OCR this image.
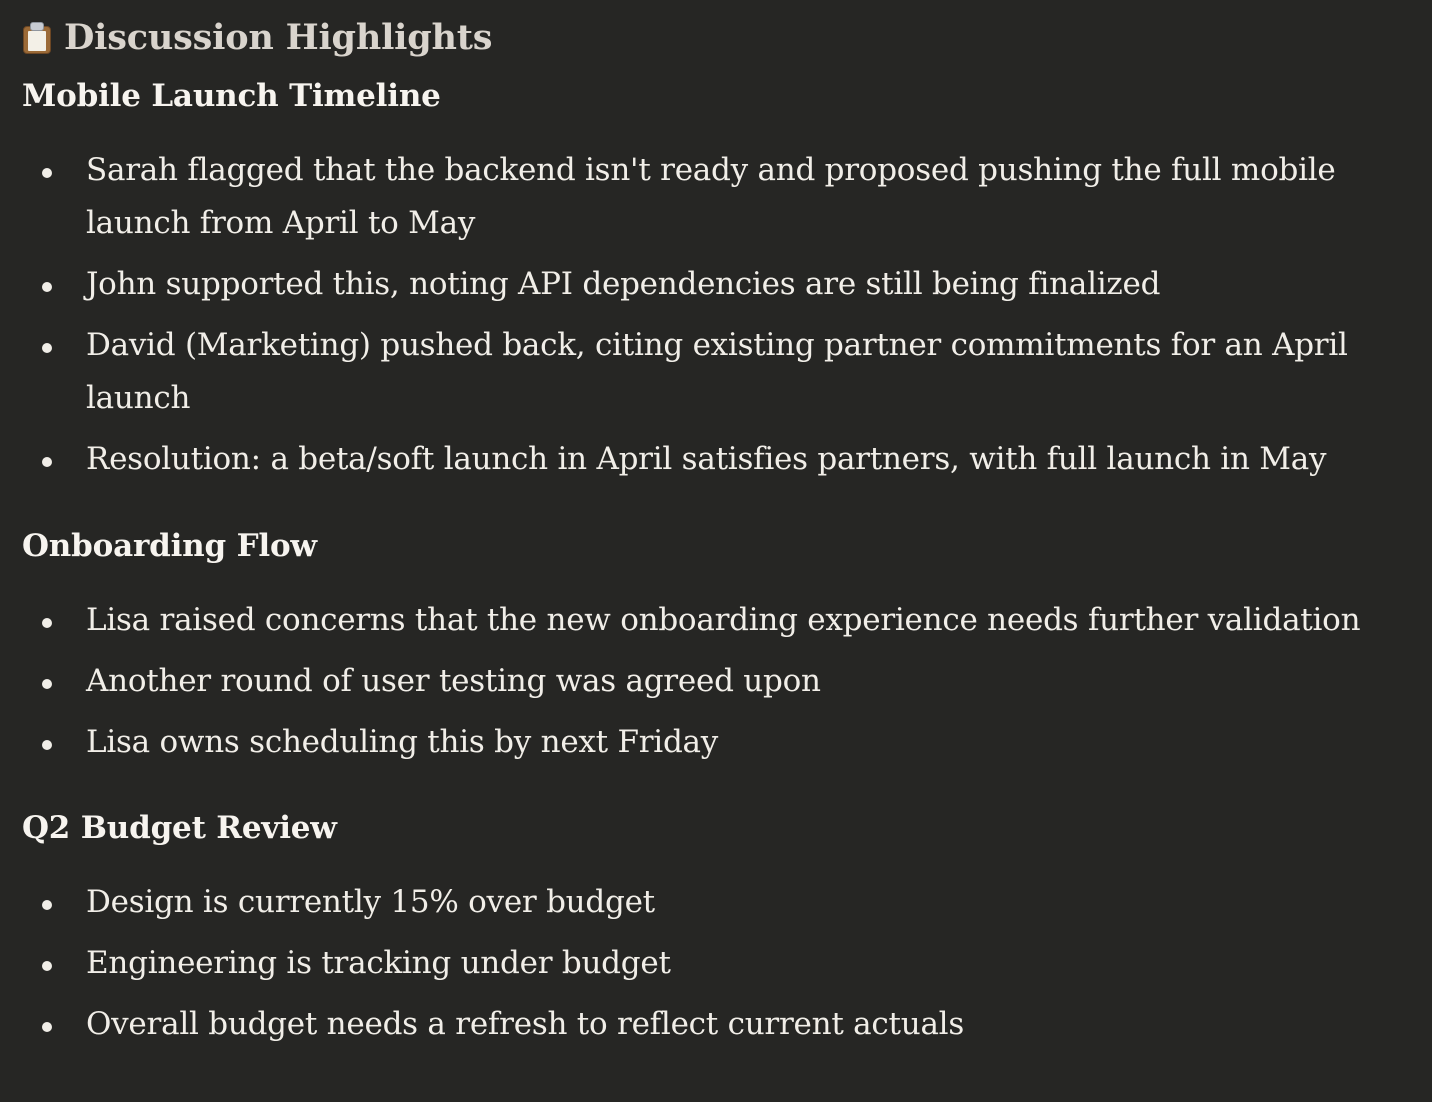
Discussion Highlights
Mobile Launch Timeline
Sarah flagged that the backend isn't ready and proposed pushing the full mobile launch from April to May
John supported this, noting API dependencies are still being finalized
David (Marketing) pushed back, citing existing partner commitments for an April launch
Resolution: a beta/soft launch in April satisfies partners, with full launch in May
Onboarding Flow
Lisa raised concerns that the new onboarding experience needs further validation
Another round of user testing was agreed upon
Lisa owns scheduling this by next Friday
Q2 Budget Review
Design is currently 15% over budget
Engineering is tracking under budget
Overall budget needs a refresh to reflect current actuals
